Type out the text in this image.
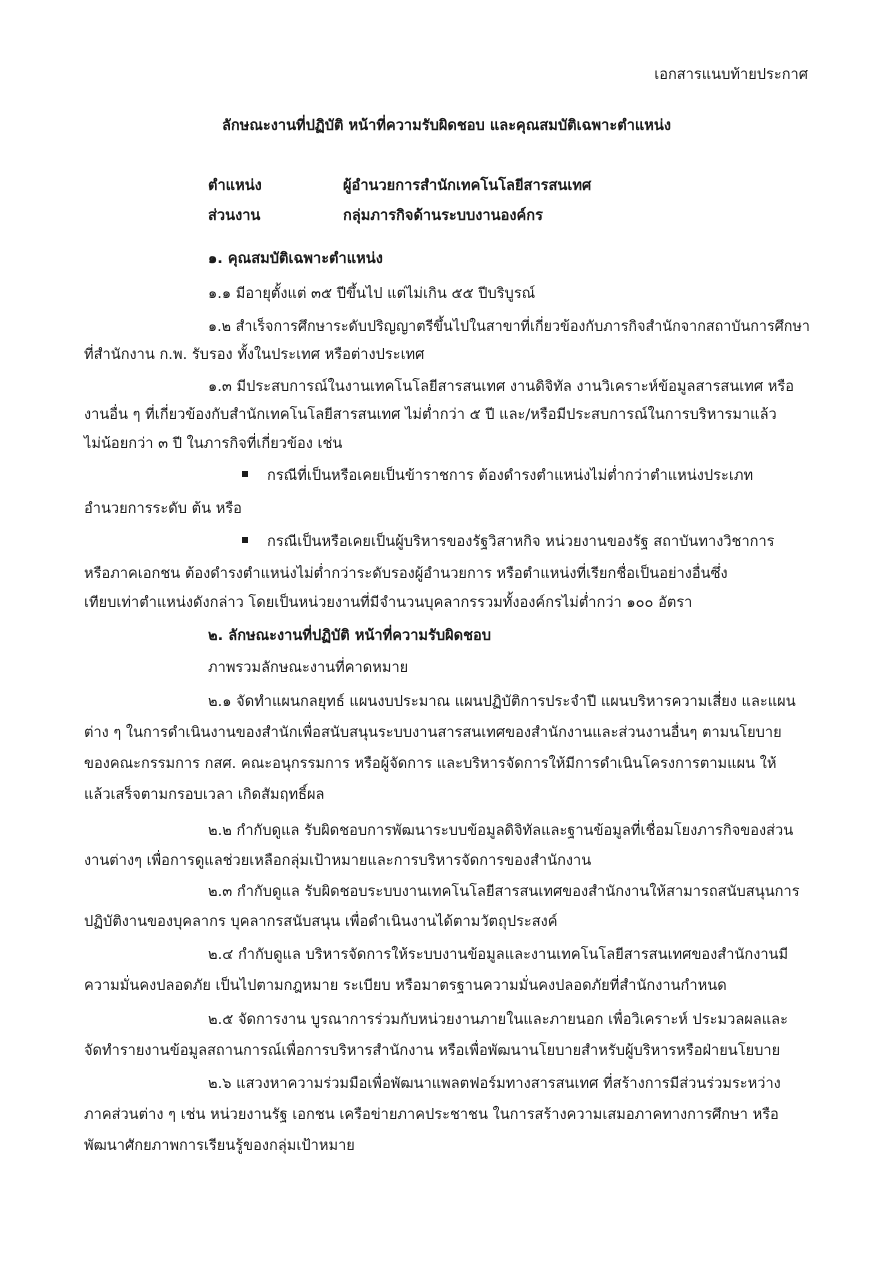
เอกสารแนบท้ายประกาศ
ลักษณะงานที่ปฏิบัติ หน้าที่ความรับผิดชอบ และคุณสมบัติเฉพาะตำแหน่ง
ตำแหน่ง	ผู้อำนวยการสำนักเทคโนโลยีสารสนเทศ
ส่วนงาน	กลุ่มภารกิจด้านระบบงานองค์กร
๑. คุณสมบัติเฉพาะตำแหน่ง
๑.๑ มีอายุตั้งแต่ ๓๕ ปีขึ้นไป แต่ไม่เกิน ๕๕ ปีบริบูรณ์
๑.๒ สำเร็จการศึกษาระดับปริญญาตรีขึ้นไปในสาขาที่เกี่ยวข้องกับภารกิจสำนักจากสถาบันการศึกษา
ที่สำนักงาน ก.พ. รับรอง ทั้งในประเทศ หรือต่างประเทศ
๑.๓ มีประสบการณ์ในงานเทคโนโลยีสารสนเทศ งานดิจิทัล งานวิเคราะห์ข้อมูลสารสนเทศ หรือ
งานอื่น ๆ ที่เกี่ยวข้องกับสำนักเทคโนโลยีสารสนเทศ ไม่ต่ำกว่า ๕ ปี และ/หรือมีประสบการณ์ในการบริหารมาแล้ว
ไม่น้อยกว่า ๓ ปี ในภารกิจที่เกี่ยวข้อง เช่น
กรณีที่เป็นหรือเคยเป็นข้าราชการ ต้องดำรงตำแหน่งไม่ต่ำกว่าตำแหน่งประเภท
อำนวยการระดับ ต้น หรือ
กรณีเป็นหรือเคยเป็นผู้บริหารของรัฐวิสาหกิจ หน่วยงานของรัฐ สถาบันทางวิชาการ
หรือภาคเอกชน ต้องดำรงตำแหน่งไม่ต่ำกว่าระดับรองผู้อำนวยการ หรือตำแหน่งที่เรียกชื่อเป็นอย่างอื่นซึ่ง
เทียบเท่าตำแหน่งดังกล่าว โดยเป็นหน่วยงานที่มีจำนวนบุคลากรรวมทั้งองค์กรไม่ต่ำกว่า ๑๐๐ อัตรา
๒. ลักษณะงานที่ปฏิบัติ หน้าที่ความรับผิดชอบ
ภาพรวมลักษณะงานที่คาดหมาย
๒.๑ จัดทำแผนกลยุทธ์ แผนงบประมาณ แผนปฏิบัติการประจำปี แผนบริหารความเสี่ยง และแผน
ต่าง ๆ ในการดำเนินงานของสำนักเพื่อสนับสนุนระบบงานสารสนเทศของสำนักงานและส่วนงานอื่นๆ ตามนโยบาย
ของคณะกรรมการ กสศ. คณะอนุกรรมการ หรือผู้จัดการ และบริหารจัดการให้มีการดำเนินโครงการตามแผน ให้
แล้วเสร็จตามกรอบเวลา เกิดสัมฤทธิ์ผล
๒.๒ กำกับดูแล รับผิดชอบการพัฒนาระบบข้อมูลดิจิทัลและฐานข้อมูลที่เชื่อมโยงภารกิจของส่วน
งานต่างๆ เพื่อการดูแลช่วยเหลือกลุ่มเป้าหมายและการบริหารจัดการของสำนักงาน
๒.๓ กำกับดูแล รับผิดชอบระบบงานเทคโนโลยีสารสนเทศของสำนักงานให้สามารถสนับสนุนการ
ปฏิบัติงานของบุคลากร บุคลากรสนับสนุน เพื่อดำเนินงานได้ตามวัตถุประสงค์
๒.๔ กำกับดูแล บริหารจัดการให้ระบบงานข้อมูลและงานเทคโนโลยีสารสนเทศของสำนักงานมี
ความมั่นคงปลอดภัย เป็นไปตามกฎหมาย ระเบียบ หรือมาตรฐานความมั่นคงปลอดภัยที่สำนักงานกำหนด
๒.๕ จัดการงาน บูรณาการร่วมกับหน่วยงานภายในและภายนอก เพื่อวิเคราะห์ ประมวลผลและ
จัดทำรายงานข้อมูลสถานการณ์เพื่อการบริหารสำนักงาน หรือเพื่อพัฒนานโยบายสำหรับผู้บริหารหรือฝ่ายนโยบาย
๒.๖ แสวงหาความร่วมมือเพื่อพัฒนาแพลตฟอร์มทางสารสนเทศ ที่สร้างการมีส่วนร่วมระหว่าง
ภาคส่วนต่าง ๆ เช่น หน่วยงานรัฐ เอกชน เครือข่ายภาคประชาชน ในการสร้างความเสมอภาคทางการศึกษา หรือ
พัฒนาศักยภาพการเรียนรู้ของกลุ่มเป้าหมาย
